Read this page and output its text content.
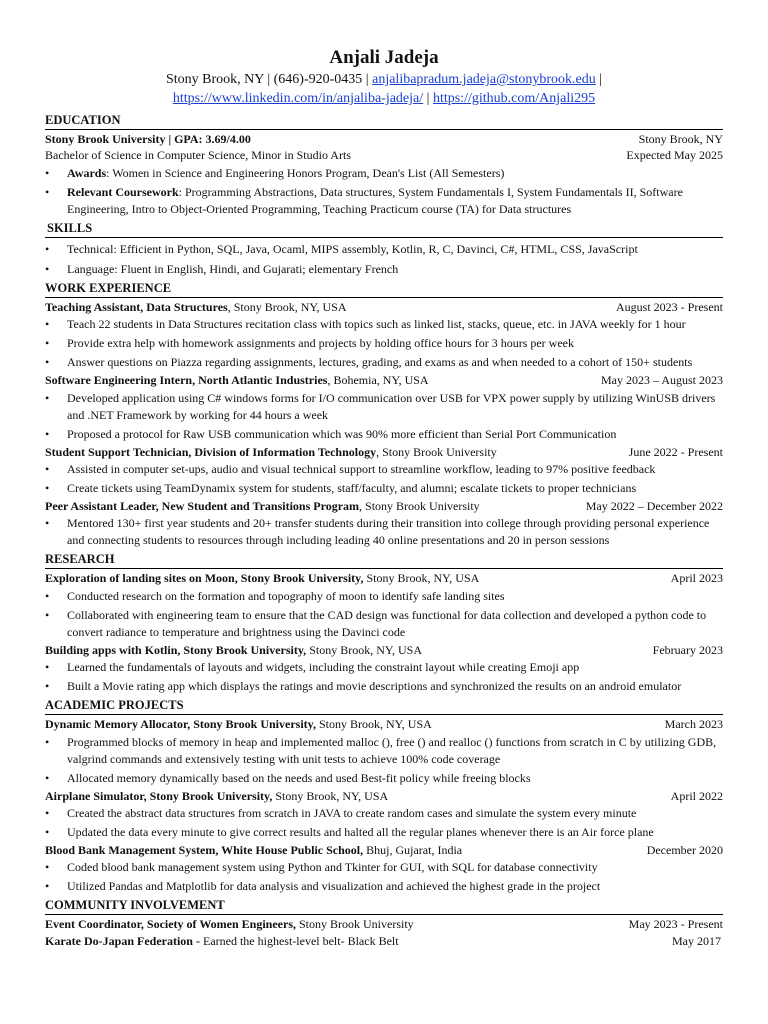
Anjali Jadeja
Stony Brook, NY | (646)-920-0435 | anjalibapradum.jadeja@stonybrook.edu |
https://www.linkedin.com/in/anjaliba-jadeja/ | https://github.com/Anjali295
EDUCATION
Stony Brook University | GPA: 3.69/4.00	Stony Brook, NY
Bachelor of Science in Computer Science, Minor in Studio Arts	Expected May 2025
• Awards: Women in Science and Engineering Honors Program, Dean's List (All Semesters)
• Relevant Coursework: Programming Abstractions, Data structures, System Fundamentals I, System Fundamentals II, Software Engineering, Intro to Object-Oriented Programming, Teaching Practicum course (TA) for Data structures
SKILLS
• Technical: Efficient in Python, SQL, Java, Ocaml, MIPS assembly, Kotlin, R, C, Davinci, C#, HTML, CSS, JavaScript
• Language: Fluent in English, Hindi, and Gujarati; elementary French
WORK EXPERIENCE
Teaching Assistant, Data Structures, Stony Brook, NY, USA	August 2023 - Present
• Teach 22 students in Data Structures recitation class with topics such as linked list, stacks, queue, etc. in JAVA weekly for 1 hour
• Provide extra help with homework assignments and projects by holding office hours for 3 hours per week
• Answer questions on Piazza regarding assignments, lectures, grading, and exams as and when needed to a cohort of 150+ students
Software Engineering Intern, North Atlantic Industries, Bohemia, NY, USA	May 2023 – August 2023
• Developed application using C# windows forms for I/O communication over USB for VPX power supply by utilizing WinUSB drivers and .NET Framework by working for 44 hours a week
• Proposed a protocol for Raw USB communication which was 90% more efficient than Serial Port Communication
Student Support Technician, Division of Information Technology, Stony Brook University	June 2022 - Present
• Assisted in computer set-ups, audio and visual technical support to streamline workflow, leading to 97% positive feedback
• Create tickets using TeamDynamix system for students, staff/faculty, and alumni; escalate tickets to proper technicians
Peer Assistant Leader, New Student and Transitions Program, Stony Brook University	May 2022 – December 2022
• Mentored 130+ first year students and 20+ transfer students during their transition into college through providing personal experience and connecting students to resources through including leading 40 online presentations and 20 in person sessions
RESEARCH
Exploration of landing sites on Moon, Stony Brook University, Stony Brook, NY, USA	April 2023
• Conducted research on the formation and topography of moon to identify safe landing sites
• Collaborated with engineering team to ensure that the CAD design was functional for data collection and developed a python code to convert radiance to temperature and brightness using the Davinci code
Building apps with Kotlin, Stony Brook University, Stony Brook, NY, USA	February 2023
• Learned the fundamentals of layouts and widgets, including the constraint layout while creating Emoji app
• Built a Movie rating app which displays the ratings and movie descriptions and synchronized the results on an android emulator
ACADEMIC PROJECTS
Dynamic Memory Allocator, Stony Brook University, Stony Brook, NY, USA	March 2023
• Programmed blocks of memory in heap and implemented malloc (), free () and realloc () functions from scratch in C by utilizing GDB, valgrind commands and extensively testing with unit tests to achieve 100% code coverage
• Allocated memory dynamically based on the needs and used Best-fit policy while freeing blocks
Airplane Simulator, Stony Brook University, Stony Brook, NY, USA	April 2022
• Created the abstract data structures from scratch in JAVA to create random cases and simulate the system every minute
• Updated the data every minute to give correct results and halted all the regular planes whenever there is an Air force plane
Blood Bank Management System, White House Public School, Bhuj, Gujarat, India	December 2020
• Coded blood bank management system using Python and Tkinter for GUI, with SQL for database connectivity
• Utilized Pandas and Matplotlib for data analysis and visualization and achieved the highest grade in the project
COMMUNITY INVOLVEMENT
Event Coordinator, Society of Women Engineers, Stony Brook University	May 2023 - Present
Karate Do-Japan Federation - Earned the highest-level belt- Black Belt	May 2017
